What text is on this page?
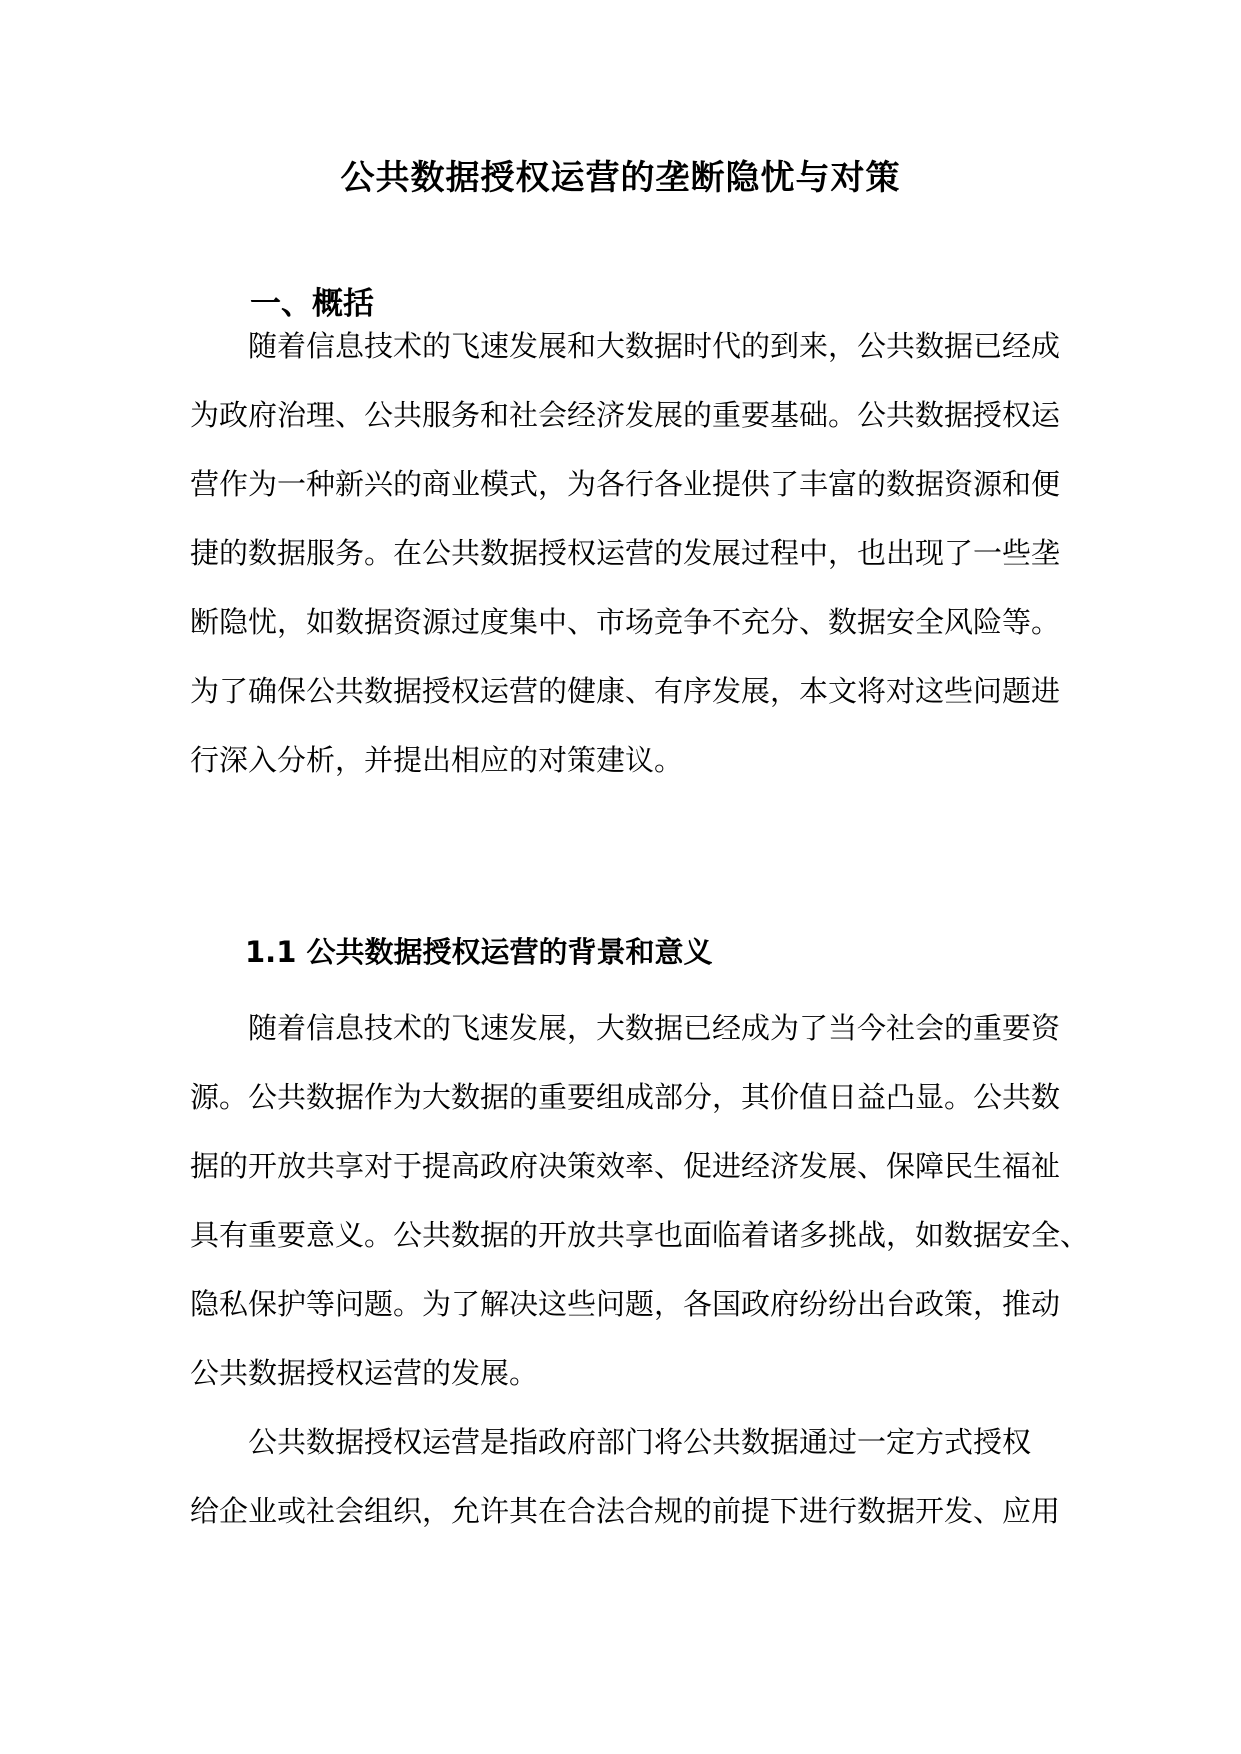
公共数据授权运营的垄断隐忧与对策
一、概括

随着信息技术的飞速发展和大数据时代的到来，公共数据已经成

为政府治理、公共服务和社会经济发展的重要基础。公共数据授权运

营作为一种新兴的商业模式，为各行各业提供了丰富的数据资源和便

捷的数据服务。在公共数据授权运营的发展过程中，也出现了一些垄

断隐忧，如数据资源过度集中、市场竞争不充分、数据安全风险等。

为了确保公共数据授权运营的健康、有序发展，本文将对这些问题进

行深入分析，并提出相应的对策建议。

1.1 公共数据授权运营的背景和意义

随着信息技术的飞速发展，大数据已经成为了当今社会的重要资

源。公共数据作为大数据的重要组成部分，其价值日益凸显。公共数

据的开放共享对于提高政府决策效率、促进经济发展、保障民生福祉

具有重要意义。公共数据的开放共享也面临着诸多挑战，如数据安全、

隐私保护等问题。为了解决这些问题，各国政府纷纷出台政策，推动

公共数据授权运营的发展。

公共数据授权运营是指政府部门将公共数据通过一定方式授权

给企业或社会组织，允许其在合法合规的前提下进行数据开发、应用
